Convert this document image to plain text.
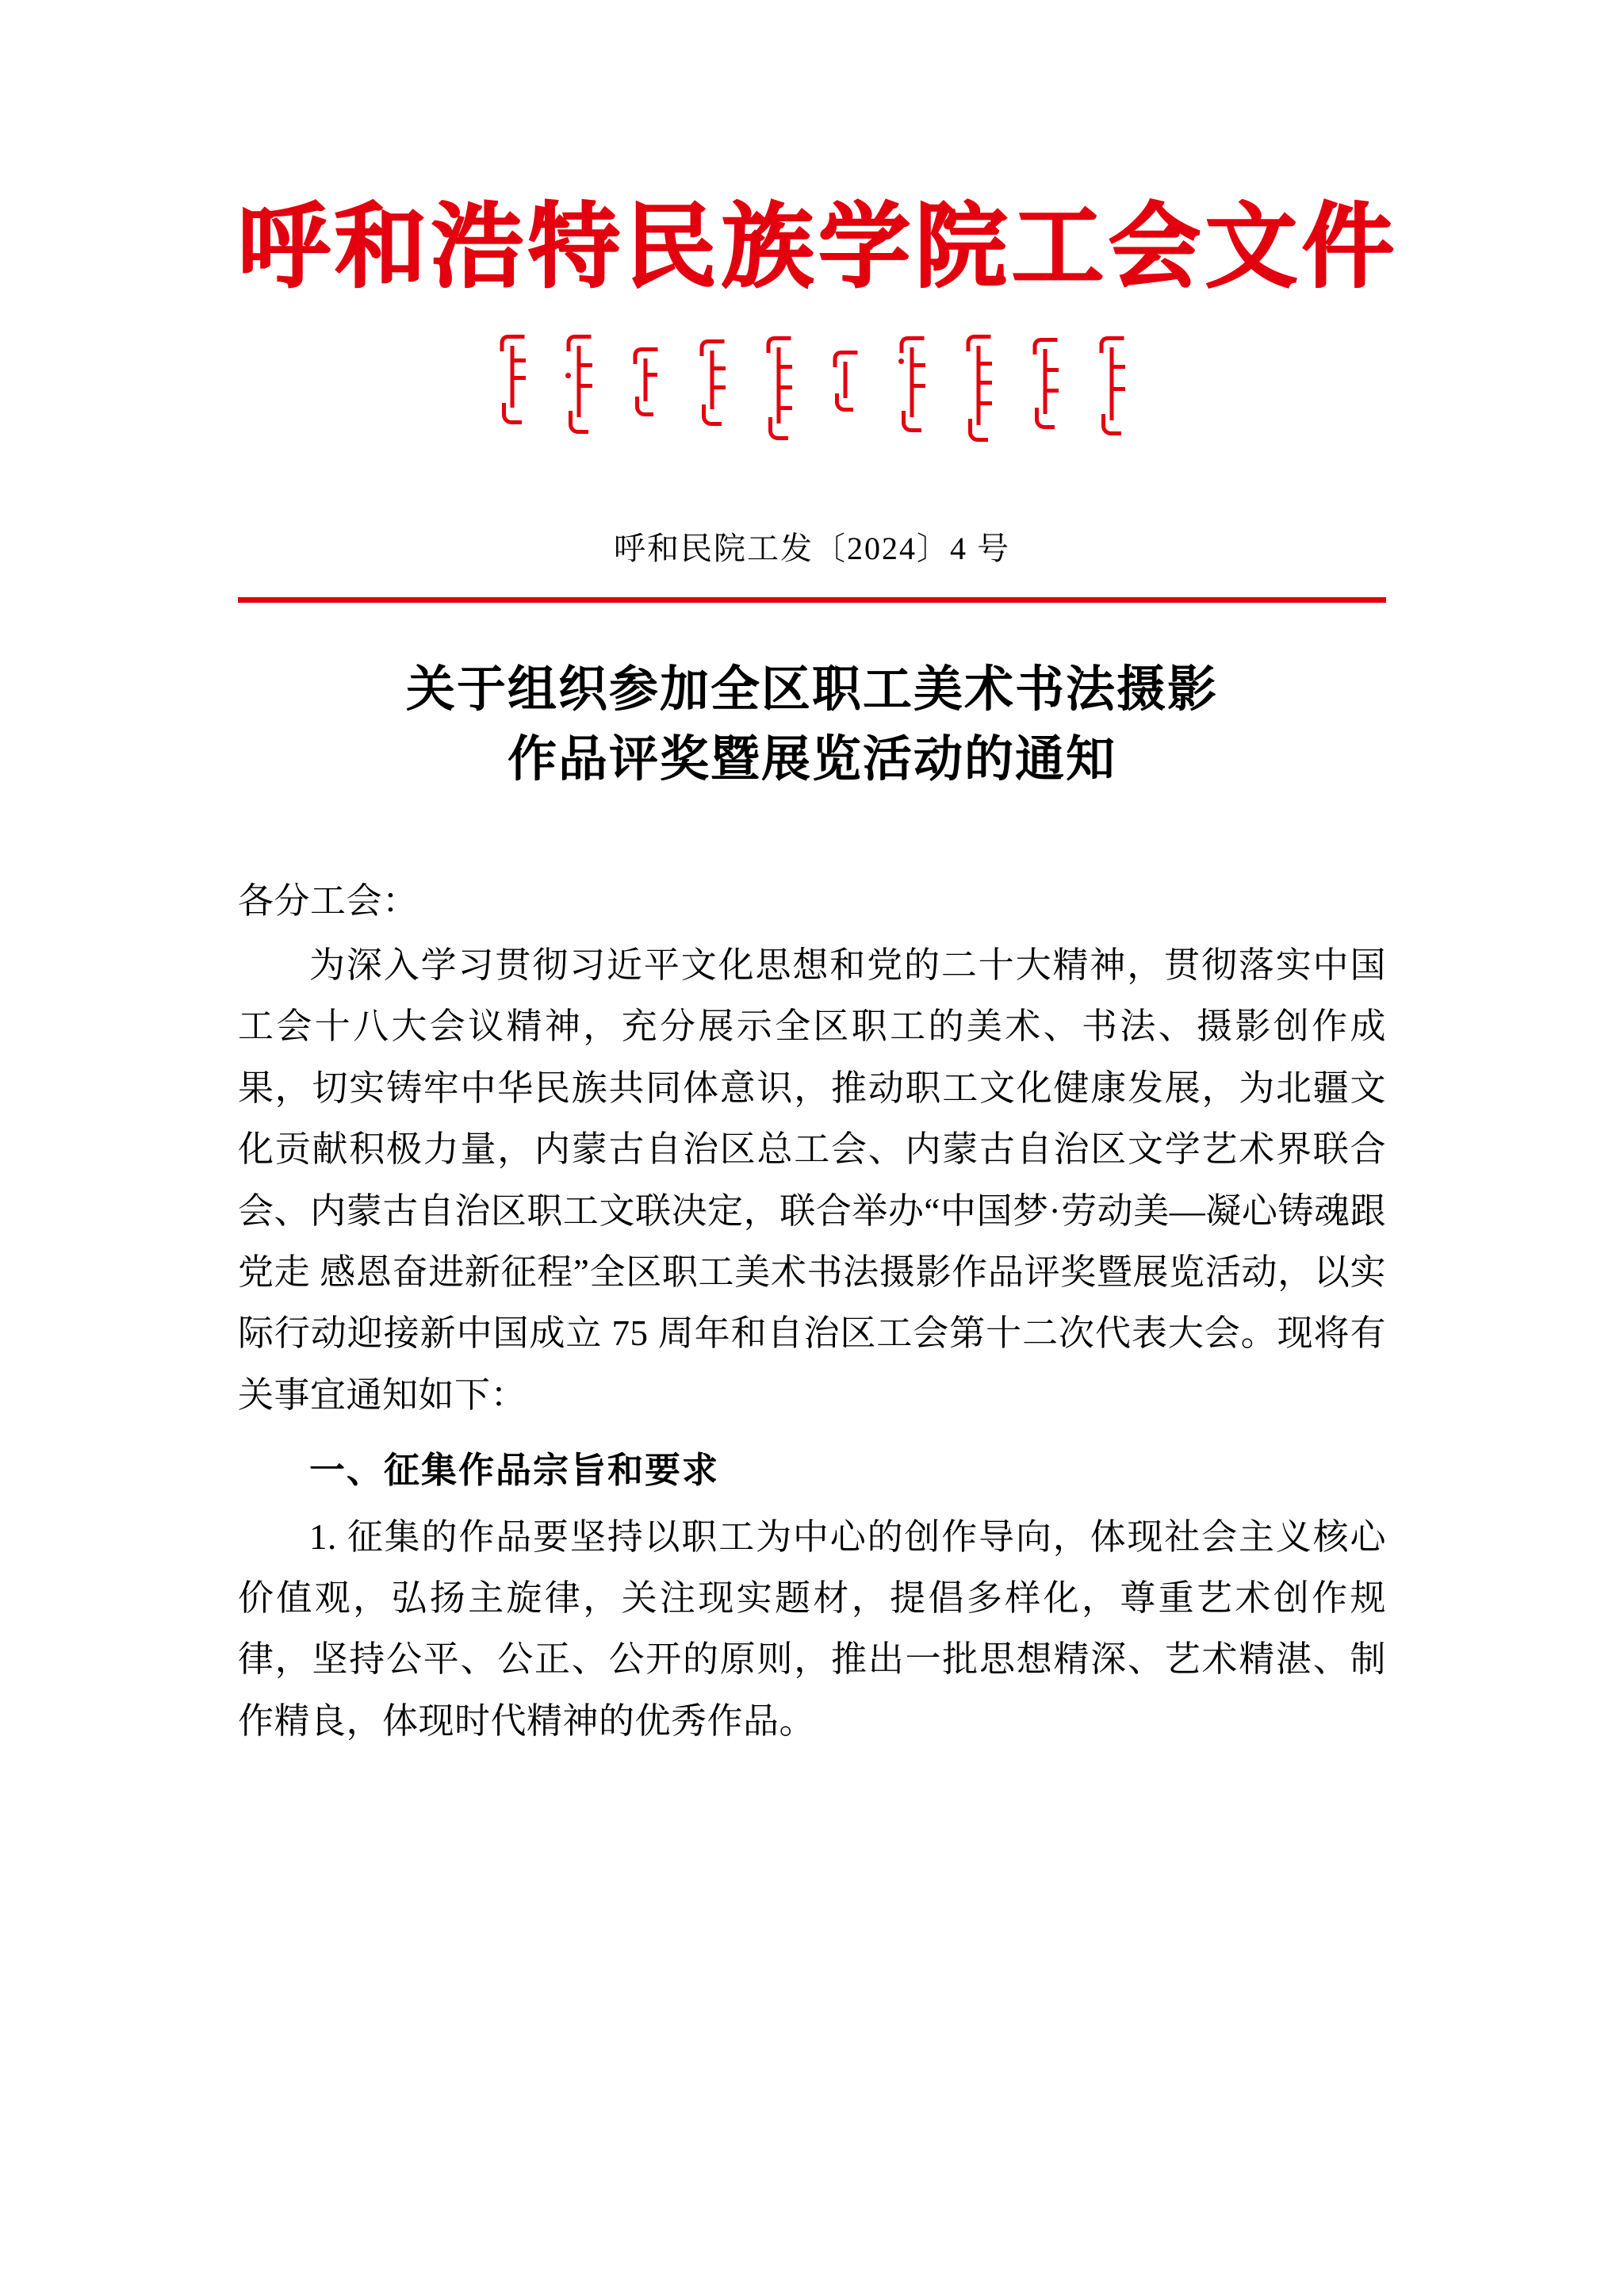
呼和浩特民族学院工会文件
呼和民院工发〔2024〕4 号
关于组织参加全区职工美术书法摄影
作品评奖暨展览活动的通知
各分工会：
为深入学习贯彻习近平文化思想和党的二十大精神，贯彻落实中国工会十八大会议精神，充分展示全区职工的美术、书法、摄影创作成果，切实铸牢中华民族共同体意识，推动职工文化健康发展，为北疆文化贡献积极力量，内蒙古自治区总工会、内蒙古自治区文学艺术界联合会、内蒙古自治区职工文联决定，联合举办“中国梦·劳动美—凝心铸魂跟党走 感恩奋进新征程”全区职工美术书法摄影作品评奖暨展览活动，以实际行动迎接新中国成立 75 周年和自治区工会第十二次代表大会。现将有关事宜通知如下：
一、征集作品宗旨和要求
1. 征集的作品要坚持以职工为中心的创作导向，体现社会主义核心价值观，弘扬主旋律，关注现实题材，提倡多样化，尊重艺术创作规律，坚持公平、公正、公开的原则，推出一批思想精深、艺术精湛、制作精良，体现时代精神的优秀作品。
